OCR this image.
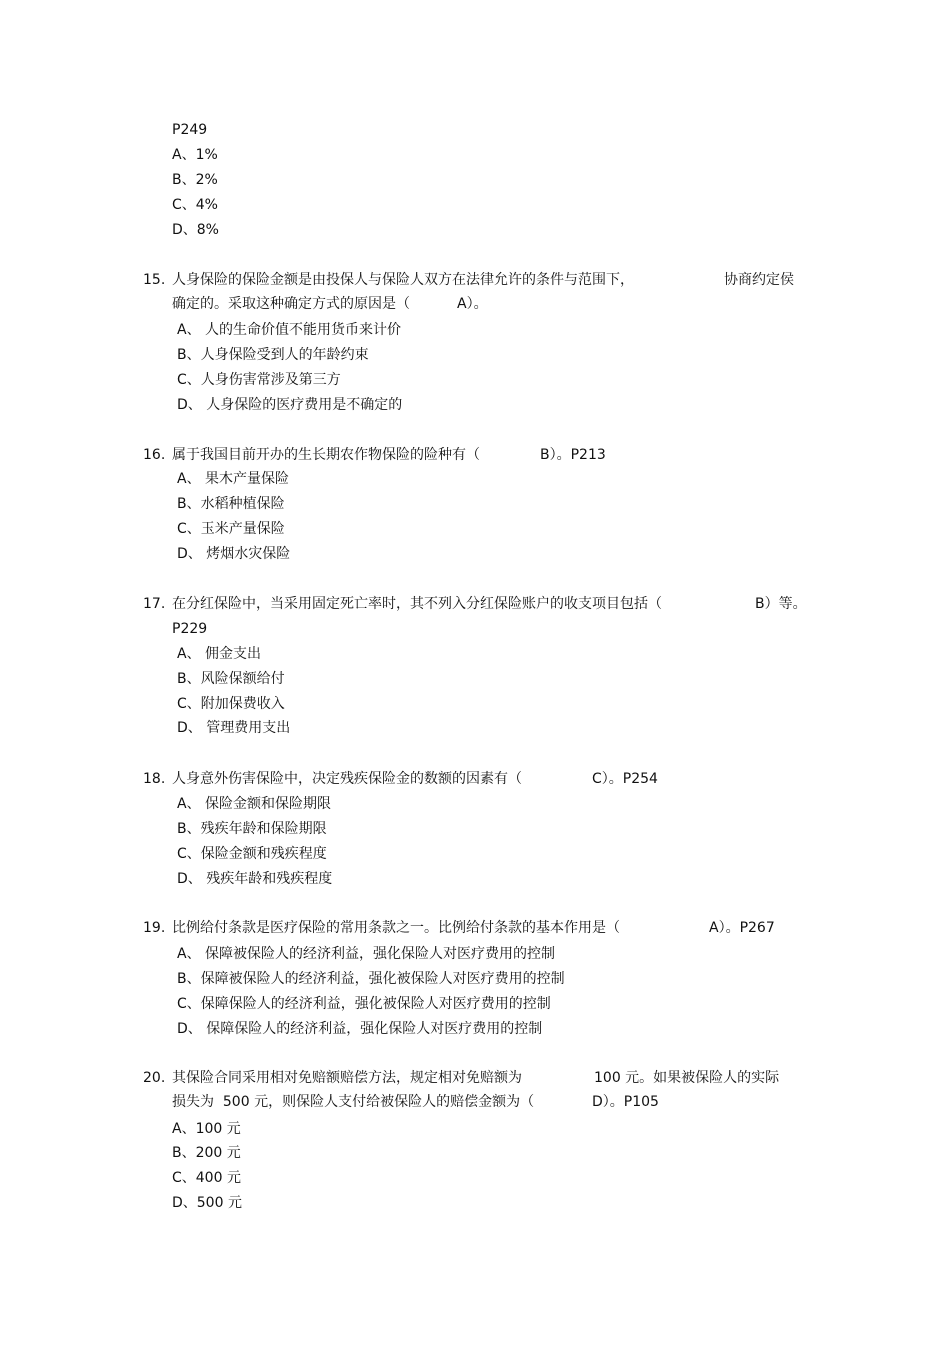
P249
A、1%
B、2%
C、4%
D、8%
15. 人身保险的保险金额是由投保人与保险人双方在法律允许的条件与范围下，	协商约定侯
确定的。采取这种确定方式的原因是（	A）。
A、 人的生命价值不能用货币来计价
B、人身保险受到人的年龄约束
C、人身伤害常涉及第三方
D、 人身保险的医疗费用是不确定的
16. 属于我国目前开办的生长期农作物保险的险种有（	B）。P213
A、 果木产量保险
B、水稻种植保险
C、玉米产量保险
D、 烤烟水灾保险
17. 在分红保险中，当采用固定死亡率时，其不列入分红保险账户的收支项目包括（	B）等。
P229
A、 佣金支出
B、风险保额给付
C、附加保费收入
D、 管理费用支出
18. 人身意外伤害保险中，决定残疾保险金的数额的因素有（	C）。P254
A、 保险金额和保险期限
B、残疾年龄和保险期限
C、保险金额和残疾程度
D、 残疾年龄和残疾程度
19. 比例给付条款是医疗保险的常用条款之一。比例给付条款的基本作用是（	A）。P267
A、 保障被保险人的经济利益，强化保险人对医疗费用的控制
B、保障被保险人的经济利益，强化被保险人对医疗费用的控制
C、保障保险人的经济利益，强化被保险人对医疗费用的控制
D、 保障保险人的经济利益，强化保险人对医疗费用的控制
20. 其保险合同采用相对免赔额赔偿方法，规定相对免赔额为	100 元。如果被保险人的实际
损失为  500 元，则保险人支付给被保险人的赔偿金额为（	D）。P105
A、100 元
B、200 元
C、400 元
D、500 元
